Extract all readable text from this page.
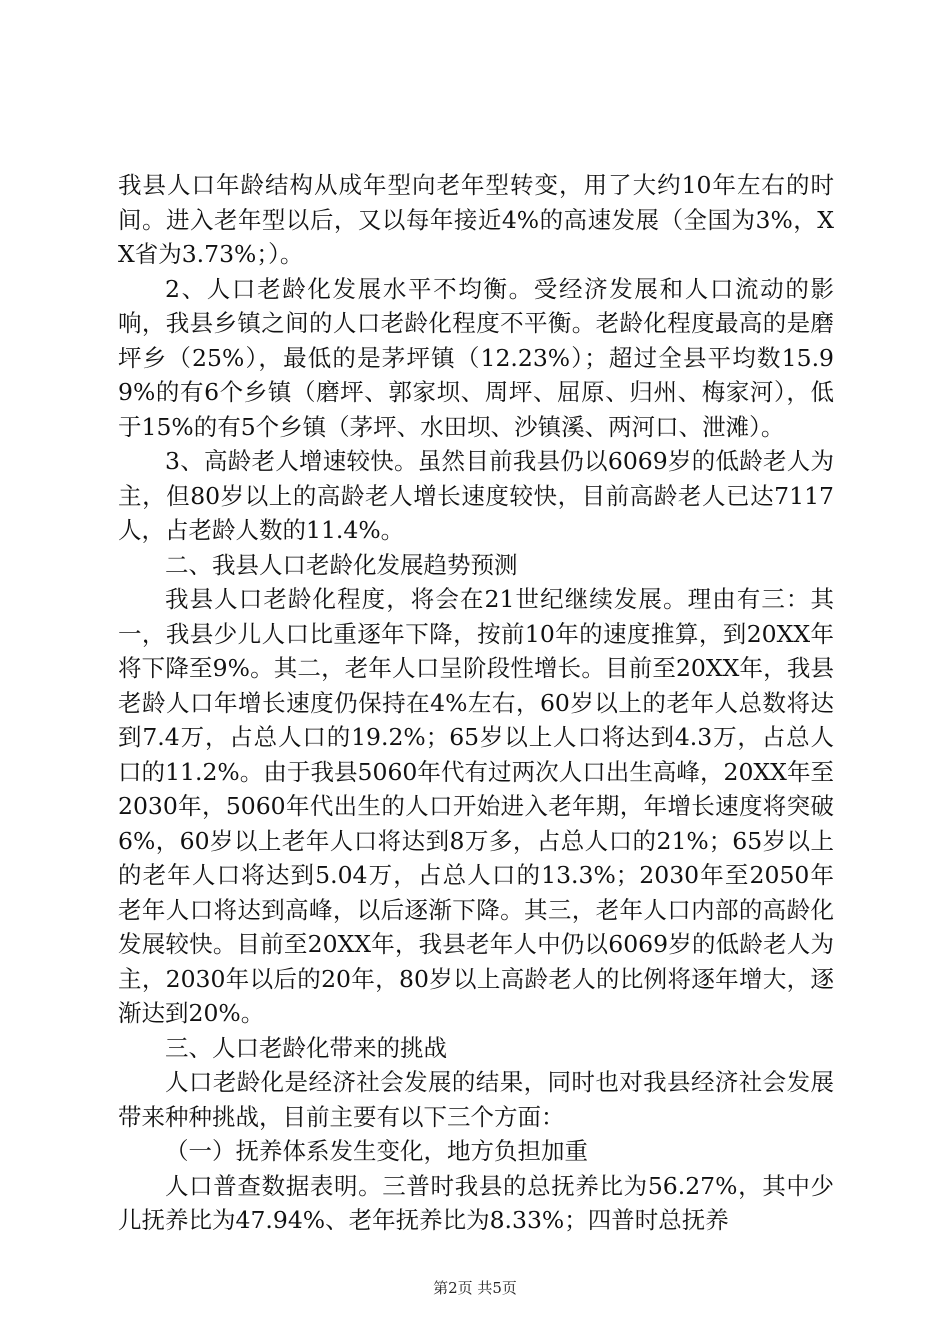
我县人口年龄结构从成年型向老年型转变，用了大约10年左右的时间。进入老年型以后，又以每年接近4%的高速发展（全国为3%，XX省为3.73%；）。

2、人口老龄化发展水平不均衡。受经济发展和人口流动的影响，我县乡镇之间的人口老龄化程度不平衡。老龄化程度最高的是磨坪乡（25%），最低的是茅坪镇（12.23%）；超过全县平均数15.99%的有6个乡镇（磨坪、郭家坝、周坪、屈原、归州、梅家河），低于15%的有5个乡镇（茅坪、水田坝、沙镇溪、两河口、泄滩）。

3、高龄老人增速较快。虽然目前我县仍以6069岁的低龄老人为主，但80岁以上的高龄老人增长速度较快，目前高龄老人已达7117人，占老龄人数的11.4%。

二、我县人口老龄化发展趋势预测

我县人口老龄化程度，将会在21世纪继续发展。理由有三：其一，我县少儿人口比重逐年下降，按前10年的速度推算，到20XX年将下降至9%。其二，老年人口呈阶段性增长。目前至20XX年，我县老龄人口年增长速度仍保持在4%左右，60岁以上的老年人总数将达到7.4万，占总人口的19.2%；65岁以上人口将达到4.3万，占总人口的11.2%。由于我县5060年代有过两次人口出生高峰，20XX年至2030年，5060年代出生的人口开始进入老年期，年增长速度将突破6%，60岁以上老年人口将达到8万多，占总人口的21%；65岁以上的老年人口将达到5.04万，占总人口的13.3%；2030年至2050年老年人口将达到高峰，以后逐渐下降。其三，老年人口内部的高龄化发展较快。目前至20XX年，我县老年人中仍以6069岁的低龄老人为主，2030年以后的20年，80岁以上高龄老人的比例将逐年增大，逐渐达到20%。

三、人口老龄化带来的挑战

人口老龄化是经济社会发展的结果，同时也对我县经济社会发展带来种种挑战，目前主要有以下三个方面：

（一）抚养体系发生变化，地方负担加重

人口普查数据表明。三普时我县的总抚养比为56.27%，其中少儿抚养比为47.94%、老年抚养比为8.33%；四普时总抚养

第2页 共5页
